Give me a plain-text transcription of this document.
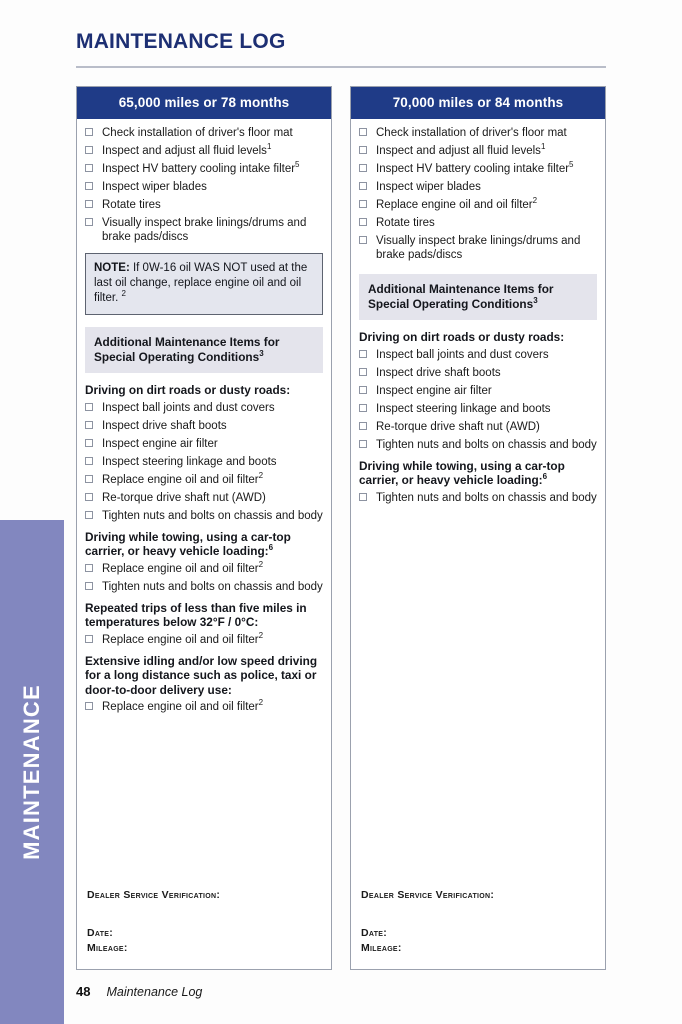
MAINTENANCE
MAINTENANCE LOG
65,000 miles or 78 months
Check installation of driver's floor mat
Inspect and adjust all fluid levels$^1$
Inspect HV battery cooling intake filter$^5$
Inspect wiper blades
Rotate tires
Visually inspect brake linings/drums and brake pads/discs
NOTE: If 0W-16 oil WAS NOT used at the last oil change, replace engine oil and oil filter. $^2$
Additional Maintenance Items for Special Operating Conditions$^3$
Driving on dirt roads or dusty roads:
Inspect ball joints and dust covers
Inspect drive shaft boots
Inspect engine air filter
Inspect steering linkage and boots
Replace engine oil and oil filter$^2$
Re-torque drive shaft nut (AWD)
Tighten nuts and bolts on chassis and body
Driving while towing, using a car-top carrier, or heavy vehicle loading:$^6$
Replace engine oil and oil filter$^2$
Tighten nuts and bolts on chassis and body
Repeated trips of less than five miles in temperatures below 32°F / 0°C:
Replace engine oil and oil filter$^2$
Extensive idling and/or low speed driving for a long distance such as police, taxi or door-to-door delivery use:
Replace engine oil and oil filter$^2$
Dealer Service Verification:
Date:
Mileage:
70,000 miles or 84 months
Check installation of driver's floor mat
Inspect and adjust all fluid levels$^1$
Inspect HV battery cooling intake filter$^5$
Inspect wiper blades
Replace engine oil and oil filter$^2$
Rotate tires
Visually inspect brake linings/drums and brake pads/discs
Additional Maintenance Items for Special Operating Conditions$^3$
Driving on dirt roads or dusty roads:
Inspect ball joints and dust covers
Inspect drive shaft boots
Inspect engine air filter
Inspect steering linkage and boots
Re-torque drive shaft nut (AWD)
Tighten nuts and bolts on chassis and body
Driving while towing, using a car-top carrier, or heavy vehicle loading:$^6$
Tighten nuts and bolts on chassis and body
Dealer Service Verification:
Date:
Mileage:
48 Maintenance Log
